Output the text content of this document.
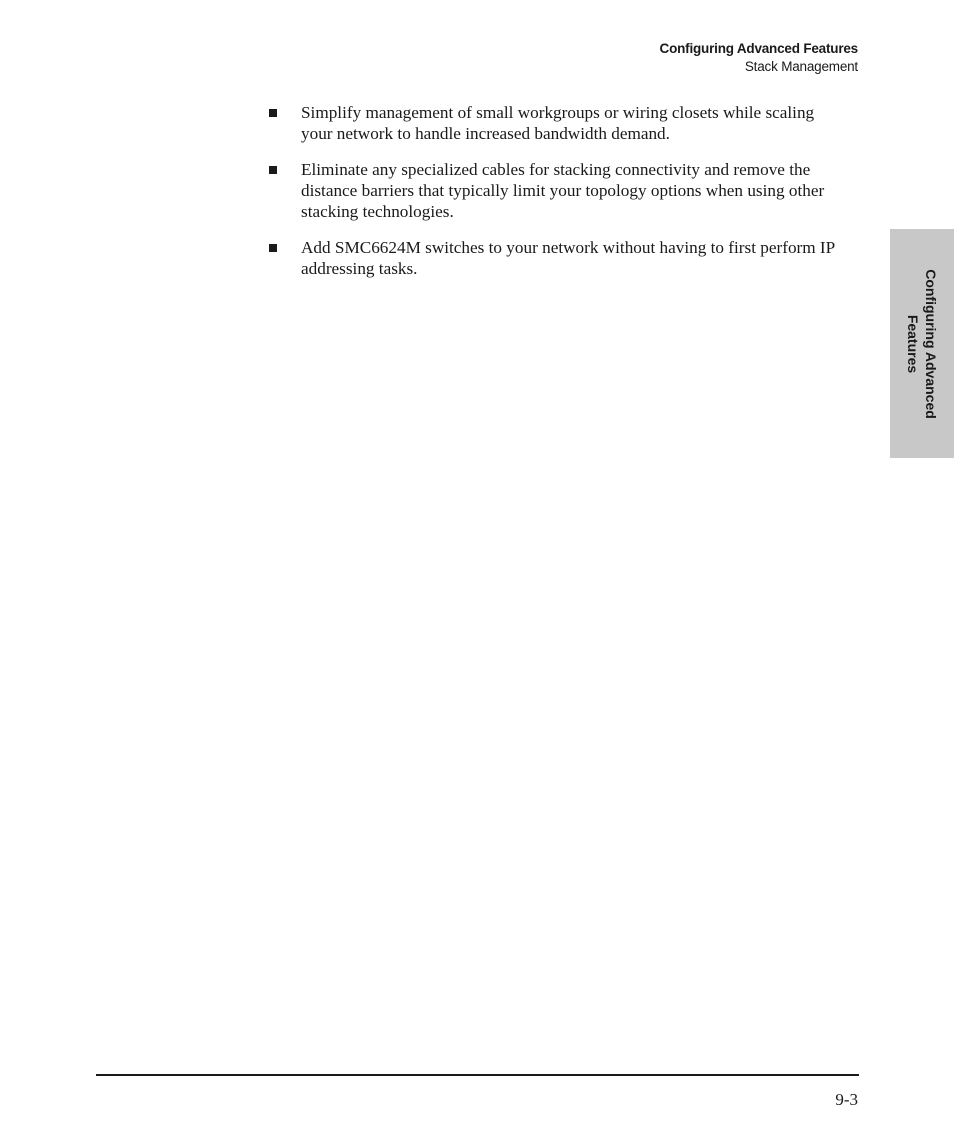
Configuring Advanced Features
Stack Management
Simplify management of small workgroups or wiring closets while scaling your network to handle increased bandwidth demand.
Eliminate any specialized cables for stacking connectivity and remove the distance barriers that typically limit your topology options when using other stacking technologies.
Add SMC6624M switches to your network without having to first perform IP addressing tasks.
Configuring Advanced
Features
9-3
